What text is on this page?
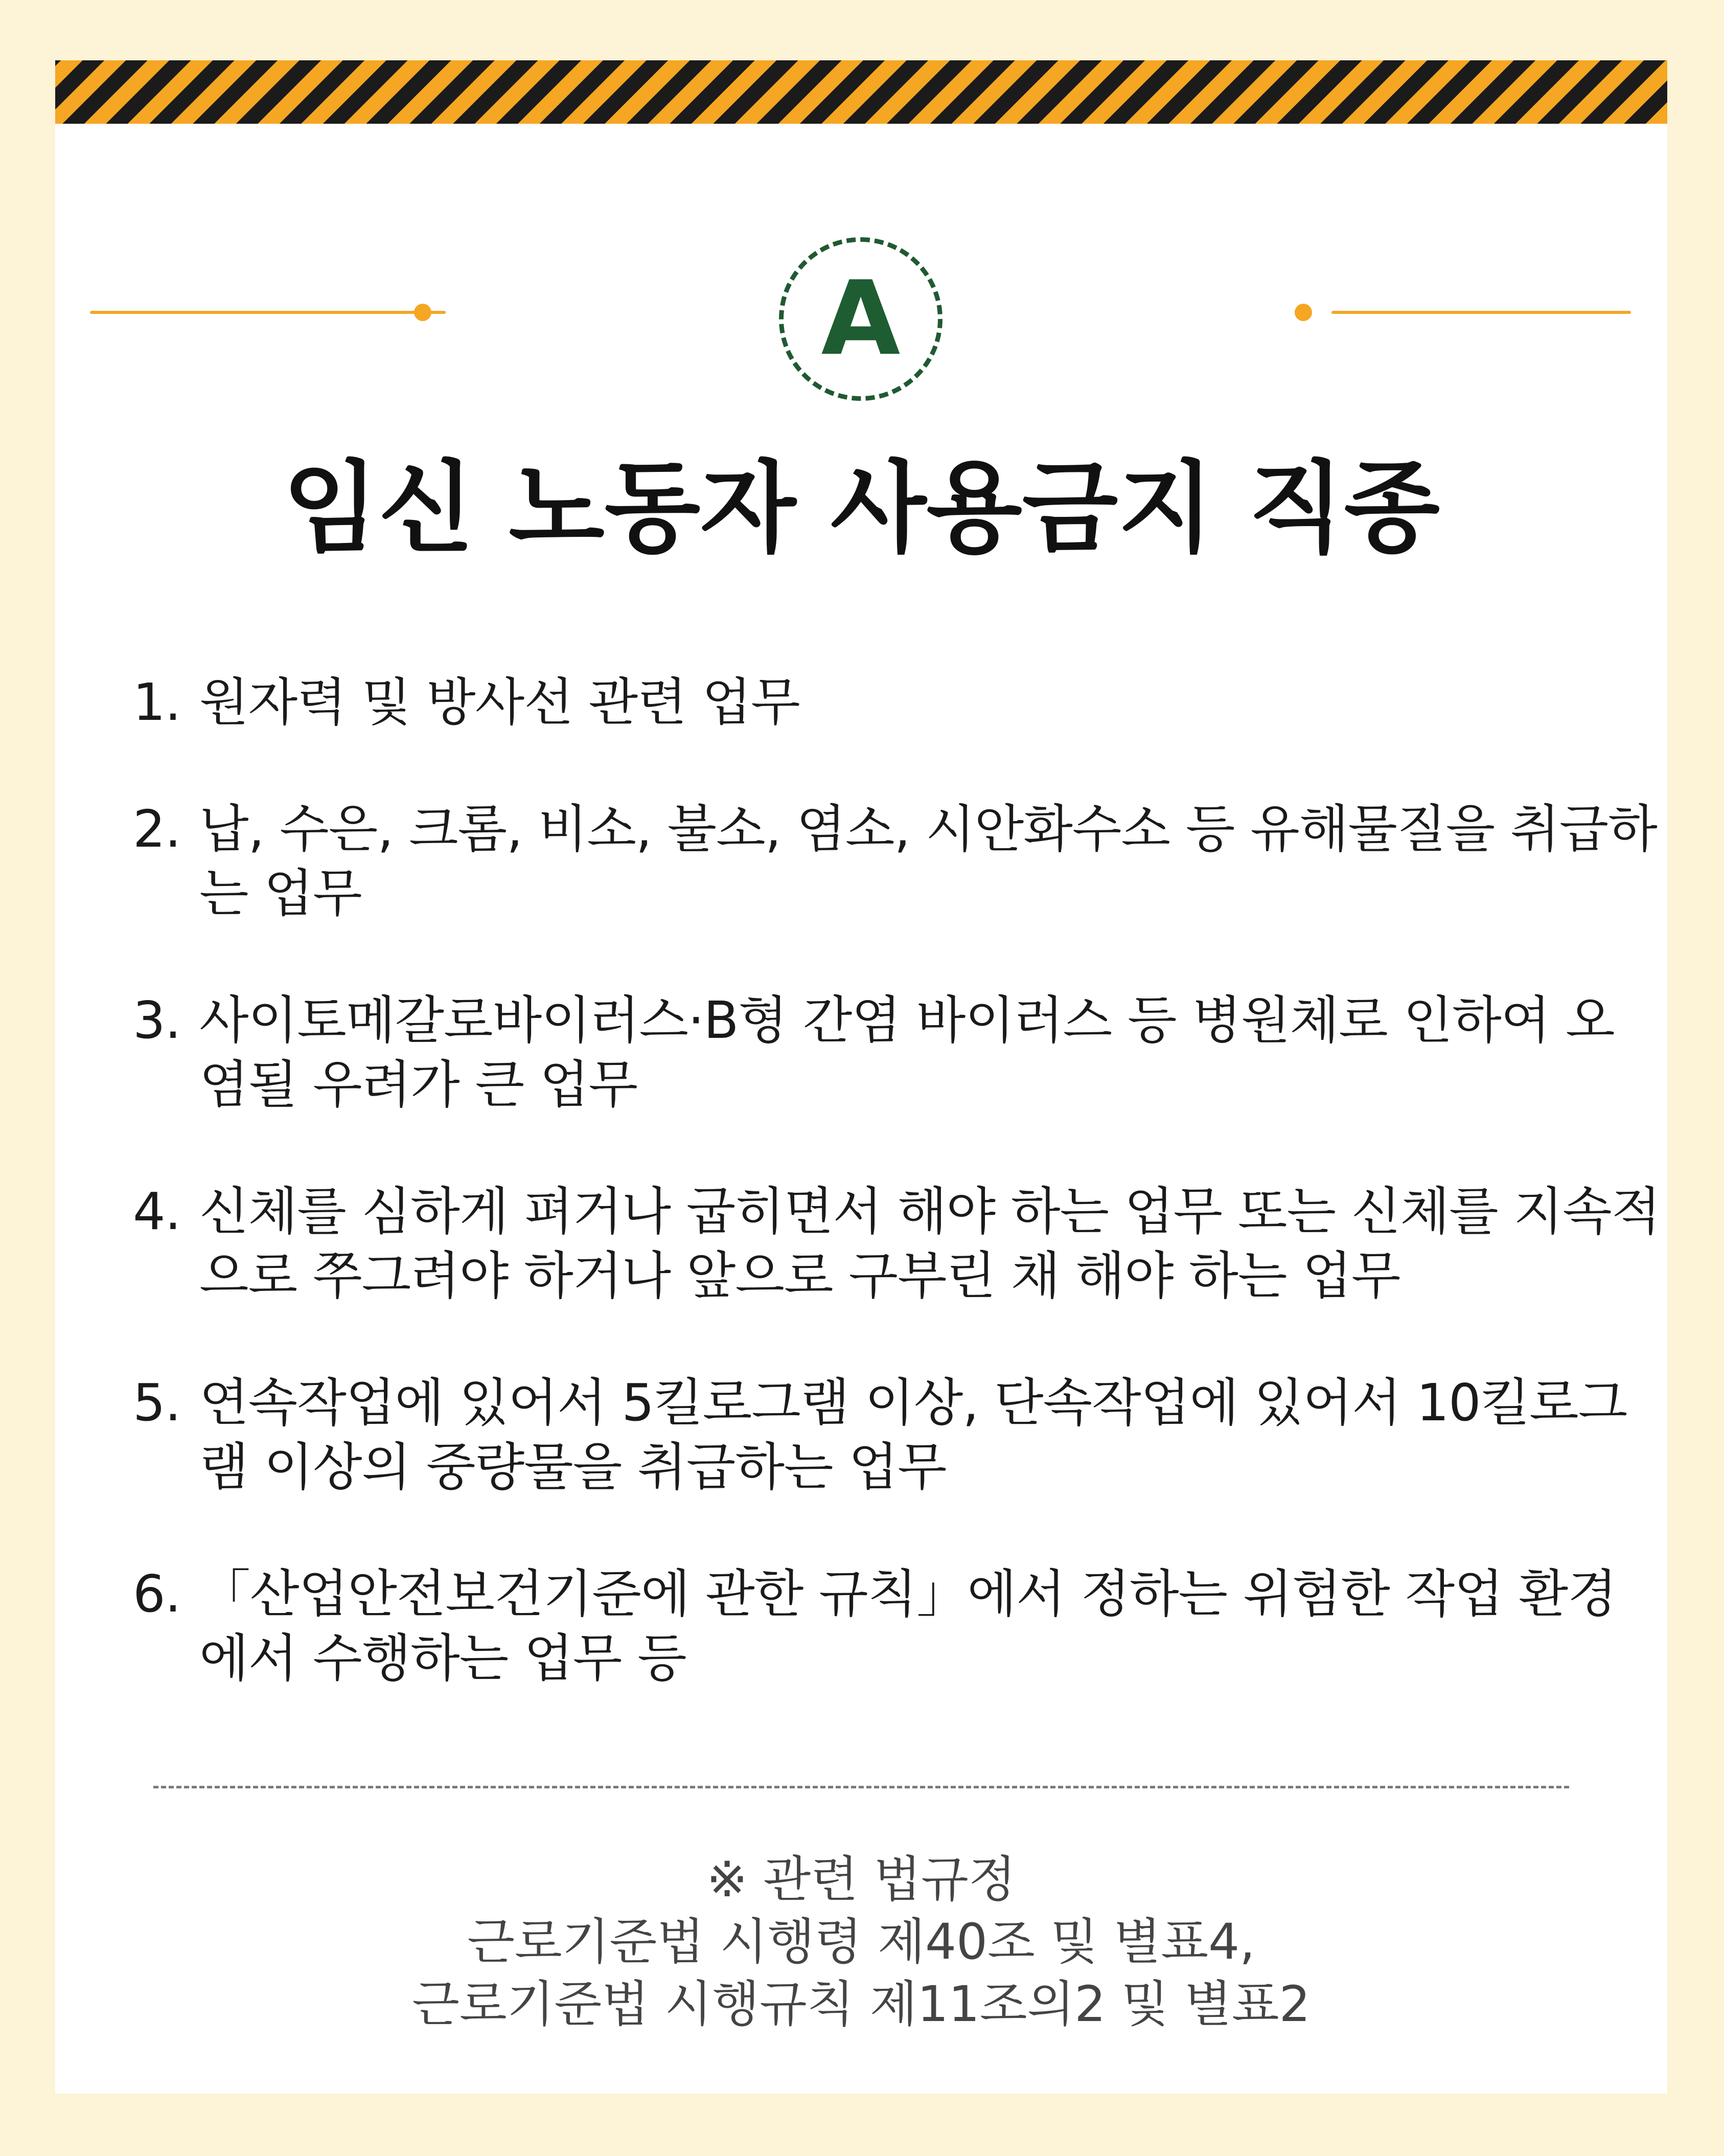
A
임신 노동자 사용금지 직종
1. 원자력 및 방사선 관련 업무
2. 납, 수은, 크롬, 비소, 불소, 염소, 시안화수소 등 유해물질을 취급하는 업무
3. 사이토메갈로바이러스·B형 간염 바이러스 등 병원체로 인하여 오염될 우려가 큰 업무
4. 신체를 심하게 펴거나 굽히면서 해야 하는 업무 또는 신체를 지속적으로 쭈그려야 하거나 앞으로 구부린 채 해야 하는 업무
5. 연속작업에 있어서 5킬로그램 이상, 단속작업에 있어서 10킬로그램 이상의 중량물을 취급하는 업무
6. 「산업안전보건기준에 관한 규칙」에서 정하는 위험한 작업 환경에서 수행하는 업무 등
※ 관련 법규정
근로기준법 시행령 제40조 및 별표4,
근로기준법 시행규칙 제11조의2 및 별표2
